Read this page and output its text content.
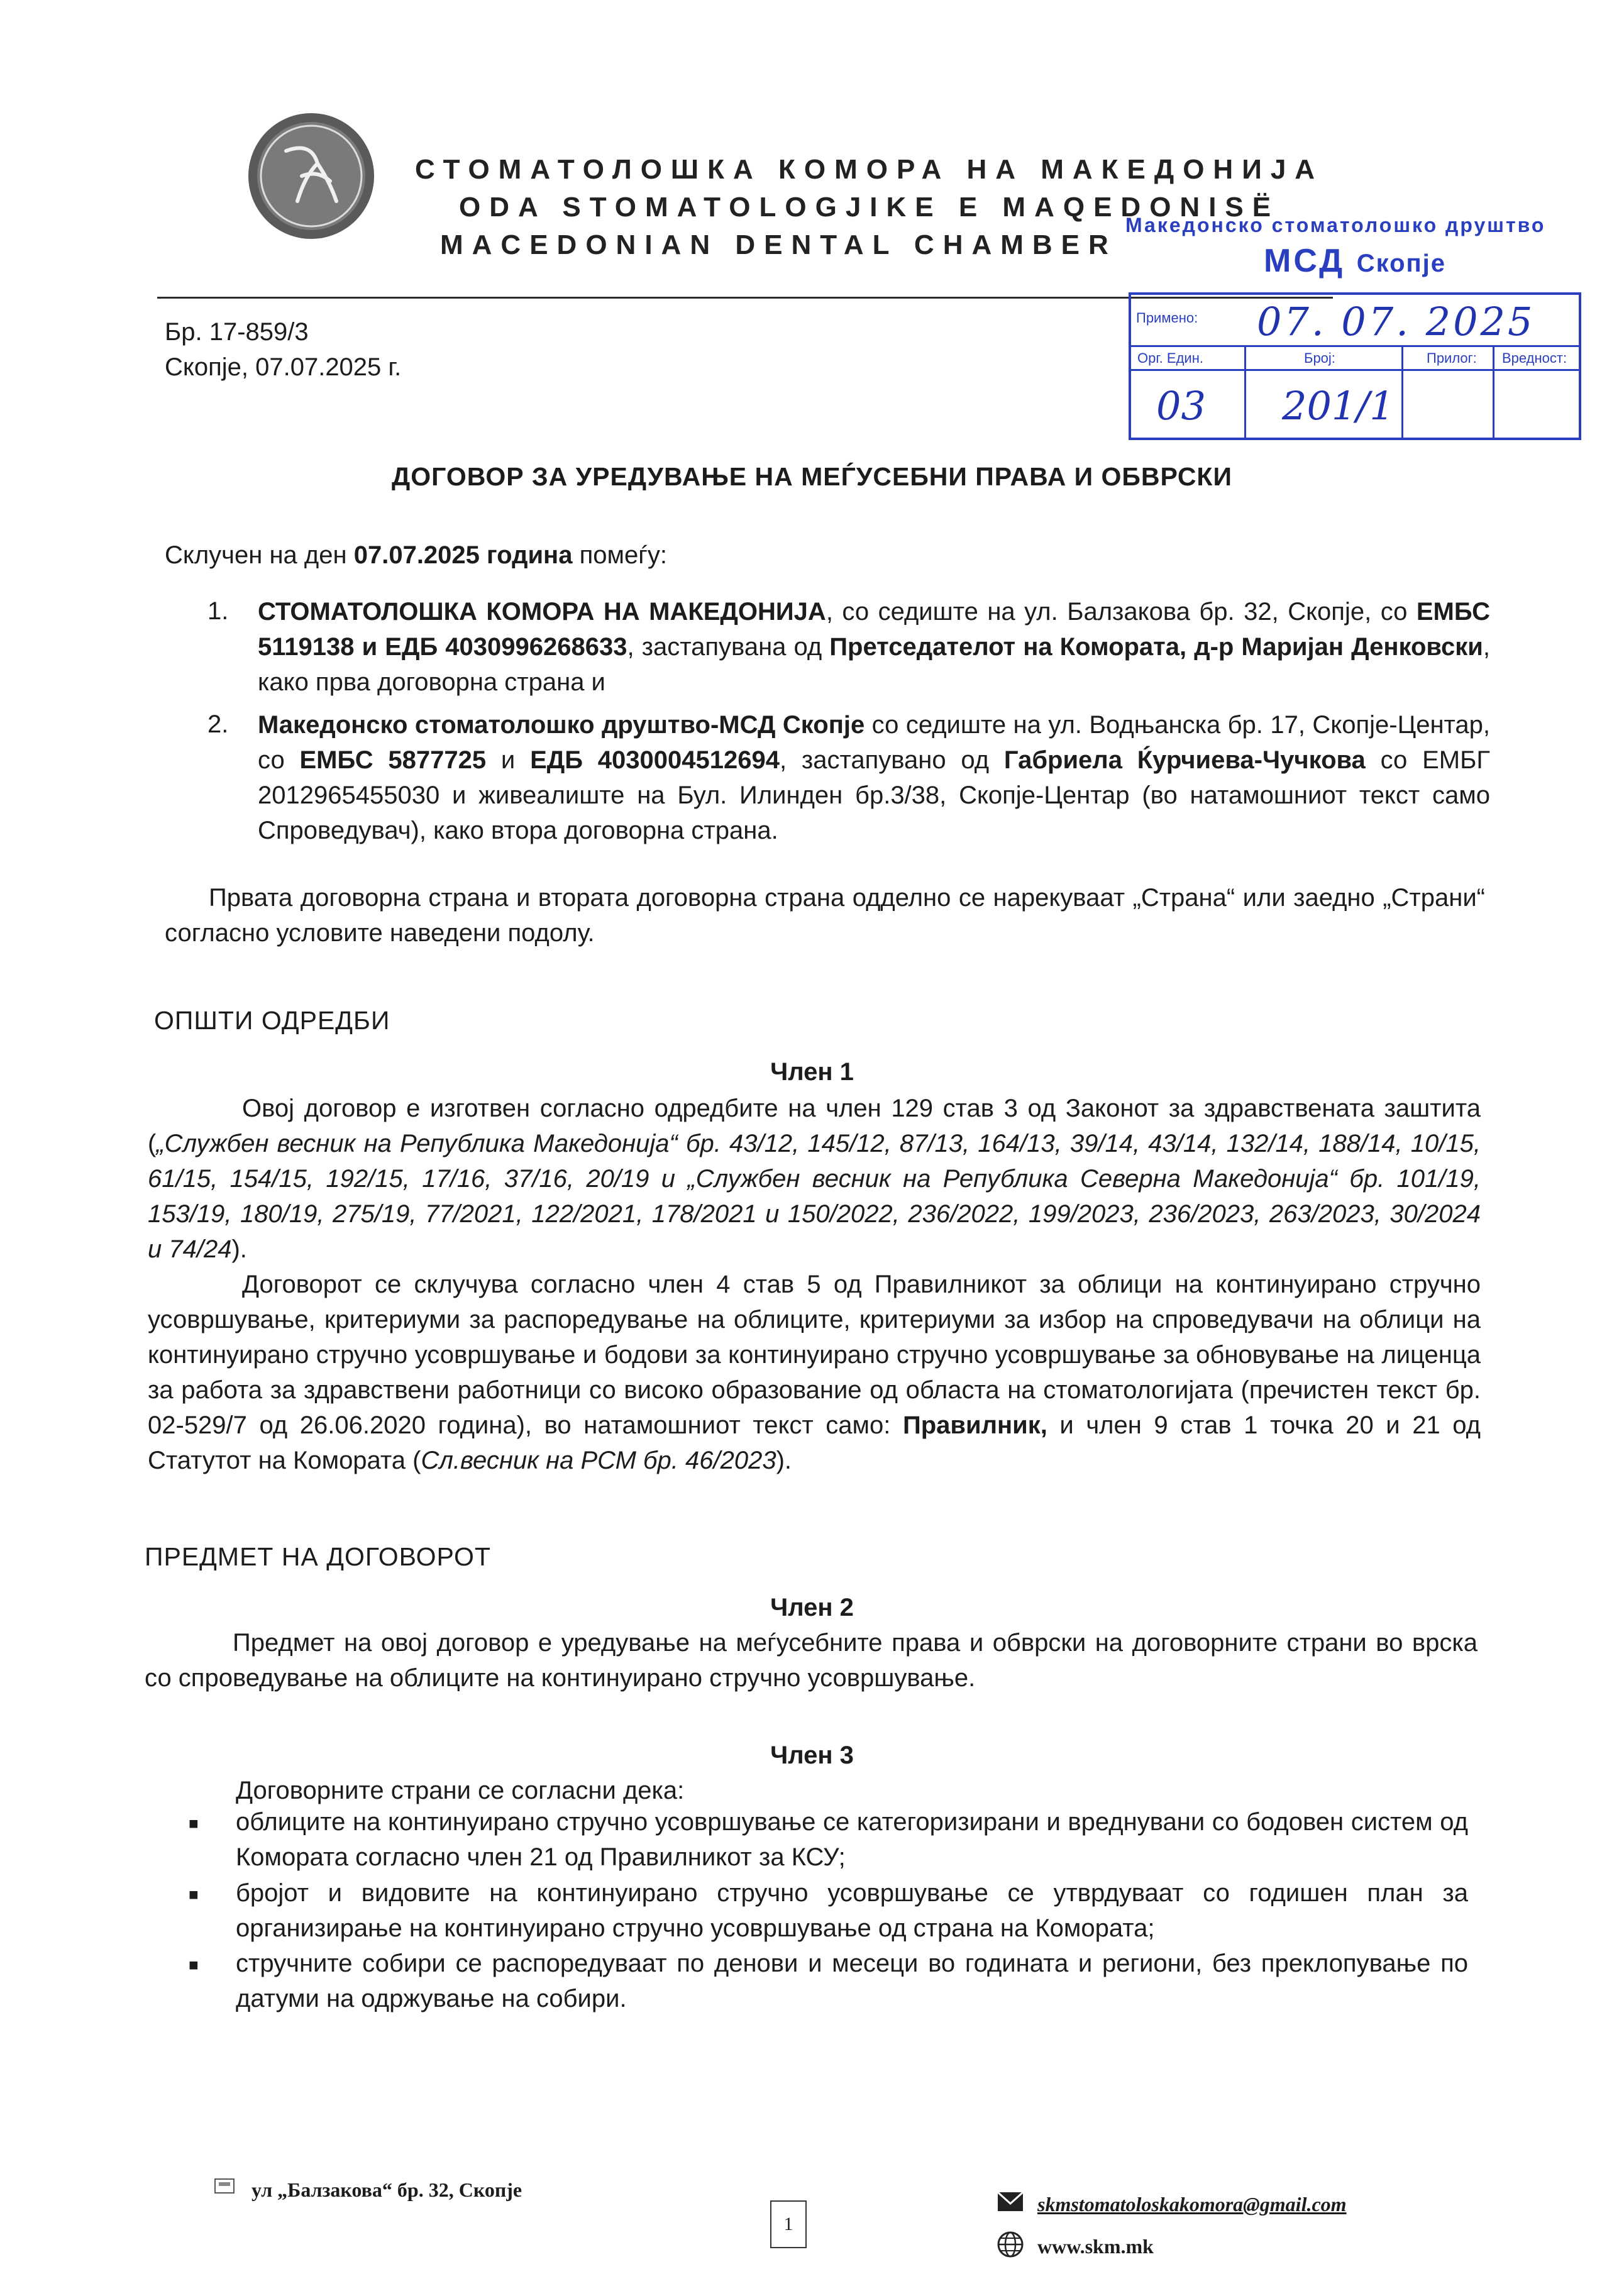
СТОМАТОЛОШКА КОМОРА НА МАКЕДОНИЈА
ODA STOMATOLOGJIKE E MAQEDONISË
MACEDONIAN DENTAL CHAMBER
Македонско стоматолошко друштво
МСД Скопје
Примено: 07. 07. 2025
Орг. Един.	Број:	Прилог: Вредност:
03 201/1
Бр. 17-859/3
Скопје, 07.07.2025 г.
ДОГОВОР ЗА УРЕДУВАЊЕ НА МЕЃУСЕБНИ ПРАВА И ОБВРСКИ
Склучен на ден 07.07.2025 година помеѓу:
1. СТОМАТОЛОШКА КОМОРА НА МАКЕДОНИЈА, со седиште на ул. Балзакова бр. 32, Скопје, со ЕМБС 5119138 и ЕДБ 4030996268633, застапувана од Претседателот на Комората, д-р Маријан Денковски, како прва договорна страна и
2. Македонско стоматолошко друштво-МСД Скопје со седиште на ул. Водњанска бр. 17, Скопје-Центар, со ЕМБС 5877725 и ЕДБ 4030004512694, застапувано од Габриела Ќурчиева-Чучкова со ЕМБГ 2012965455030 и живеалиште на Бул. Илинден бр.3/38, Скопје-Центар (во натамошниот текст само Спроведувач), како втора договорна страна.
Првата договорна страна и втората договорна страна одделно се нарекуваат „Страна“ или заедно „Страни“ согласно условите наведени подолу.
ОПШТИ ОДРЕДБИ
Член 1
Овој договор е изготвен согласно одредбите на член 129 став 3 од Законот за здравствената заштита („Службен весник на Република Македонија“ бр. 43/12, 145/12, 87/13, 164/13, 39/14, 43/14, 132/14, 188/14, 10/15, 61/15, 154/15, 192/15, 17/16, 37/16, 20/19 и „Службен весник на Република Северна Македонија“ бр. 101/19, 153/19, 180/19, 275/19, 77/2021, 122/2021, 178/2021 и 150/2022, 236/2022, 199/2023, 236/2023, 263/2023, 30/2024 и 74/24).
Договорот се склучува согласно член 4 став 5 од Правилникот за облици на континуирано стручно усовршување, критериуми за распоредување на облиците, критериуми за избор на спроведувачи на облици на континуирано стручно усовршување и бодови за континуирано стручно усовршување за обновување на лиценца за работа за здравствени работници со високо образование од областа на стоматологијата (пречистен текст бр. 02-529/7 од 26.06.2020 година), во натамошниот текст само: Правилник, и член 9 став 1 точка 20 и 21 од Статутот на Комората (Сл.весник на РСМ бр. 46/2023).
ПРЕДМЕТ НА ДОГОВОРОТ
Член 2
Предмет на овој договор е уредување на меѓусебните права и обврски на договорните страни во врска со спроведување на облиците на континуирано стручно усовршување.
Член 3
Договорните страни се согласни дека:
■ облиците на континуирано стручно усовршување се категоризирани и вреднувани со бодовен систем од Комората согласно член 21 од Правилникот за КСУ;
■ бројот и видовите на континуирано стручно усовршување се утврдуваат со годишен план за организирање на континуирано стручно усовршување од страна на Комората;
■ стручните собири се распоредуваат по денови и месеци во годината и региони, без преклопување по датуми на одржување на собири.
ул „Балзакова“ бр. 32, Скопје
1
skmstomatoloskakomora@gmail.com
www.skm.mk
